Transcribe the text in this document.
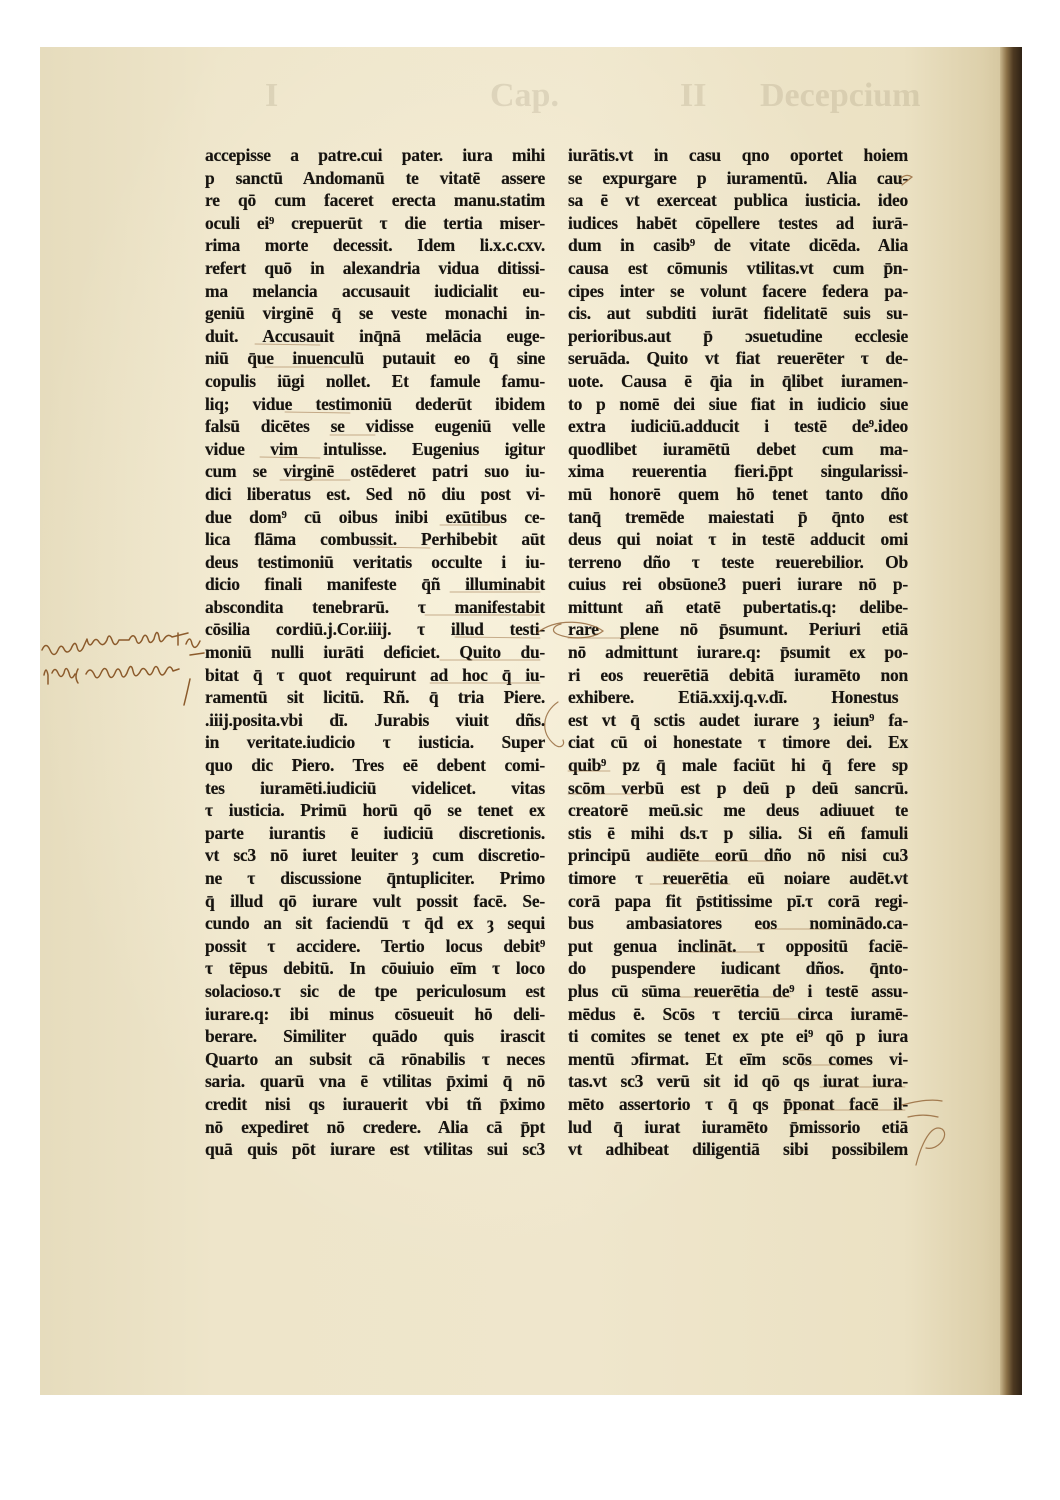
I	Cap.	II Decepcium
accepisse a patre.cui pater. iura mihi
p sanctū Andomanū te vitatē assere
re qō cum faceret erecta manu.statim
oculi ei⁹ crepuerūt τ die tertia miser-
rima morte decessit. Idem li.x.c.cxv.
refert quō in alexandria vidua ditissi-
ma melancia accusauit iudicialit eu-
geniū virginē q̄ se veste monachi in-
duit. Accusauit inq̄nā melācia euge-
niū q̄ue inuenculū putauit eo q̄ sine
copulis iūgi nollet. Et famule famu-
liq; vidue testimoniū dederūt ibidem
falsū dicētes se vidisse eugeniū velle
vidue vim intulisse. Eugenius igitur
cum se virginē ostēderet patri suo iu-
dici liberatus est. Sed nō diu post vi-
due dom⁹ cū oibus inibi exūtibus ce-
lica flāma combussit. Perhibebit aūt
deus testimoniū veritatis occulte i iu-
dicio finali manifeste q̄ñ illuminabit
abscondita tenebrarū. τ manifestabit
cōsilia cordiū.j.Cor.iiij. τ illud testi-
moniū nulli iurāti deficiet. Quito du-
bitat q̄ τ quot requirunt ad hoc q̄ iu-
ramentū sit licitū. Rñ. q̄ tria Piere.
.iiij.posita.vbi dī. Jurabis viuit dñs.
in veritate.iudicio τ iusticia. Super
quo dic Piero. Tres eē debent comi-
tes iuramēti.iudiciū videlicet. vitas
τ iusticia. Primū horū qō se tenet ex
parte iurantis ē iudiciū discretionis.
vt sc3 nō iuret leuiter ȝ cum discretio-
ne τ discussione q̄ntupliciter. Primo
q̄ illud qō iurare vult possit facē. Se-
cundo an sit faciendū τ q̄d ex ȝ sequi
possit τ accidere. Tertio locus debit⁹
τ tēpus debitū. In cōuiuio eīm τ loco
solacioso.τ sic de tpe periculosum est
iurare.q: ibi minus cōsueuit hō deli-
berare. Similiter quādo quis irascit
Quarto an subsit cā rōnabilis τ neces
saria. quarū vna ē vtilitas p̄ximi q̄ nō
credit nisi qs iurauerit vbi tñ p̄ximo
nō expediret nō credere. Alia cā p̄pt
quā quis pōt iurare est vtilitas sui sc3
iurātis.vt in casu qno oportet hoiem
se expurgare p iuramentū. Alia cau-
sa ē vt exerceat publica iusticia. ideo
iudices habēt cōpellere testes ad iurā-
dum in casib⁹ de vitate dicēda. Alia
causa est cōmunis vtilitas.vt cum p̄n-
cipes inter se volunt facere federa pa-
cis. aut subditi iurāt fidelitatē suis su-
perioribus.aut p̄ ɔsuetudine ecclesie
seruāda. Quito vt fiat reuerēter τ de-
uote. Causa ē q̄ia in q̄libet iuramen-
to p nomē dei siue fiat in iudicio siue
extra iudiciū.adducit i testē de⁹.ideo
quodlibet iuramētū debet cum ma-
xima reuerentia fieri.p̄pt singularissi-
mū honorē quem hō tenet tanto dño
tanq̄ tremēde maiestati p̄ q̄nto est
deus qui noiat τ in testē adducit omi
terreno dño τ teste reuerebilior. Ob
cuius rei obsūone3 pueri iurare nō p-
mittunt añ etatē pubertatis.q: delibe-
rare plene nō p̄sumunt. Periuri etiā
nō admittunt iurare.q: p̄sumit ex po-
ri eos reuerētiā debitā iuramēto non
exhibere. Etiā.xxij.q.v.dī. Honestus
est vt q̄ sctis audet iurare ȝ ieiun⁹ fa-
ciat cū oi honestate τ timore dei. Ex
quib⁹ pz q̄ male faciūt hi q̄ fere sp
scōm verbū est p deū p deū sancrū.
creatorē meū.sic me deus adiuuet te
stis ē mihi ds.τ p silia. Si eñ famuli
principū audiēte eorū dño nō nisi cu3
timore τ reuerētia eū noiare audēt.vt
corā papa fit p̄stitissime pī.τ corā regi-
bus ambasiatores eos nominādo.ca-
put genua inclināt. τ oppositū faciē-
do puspendere iudicant dños. q̄nto-
plus cū sūma reuerētia de⁹ i testē assu-
mēdus ē. Scōs τ terciū circa iuramē-
ti comites se tenet ex pte ei⁹ qō p iura
mentū ɔfirmat. Et eīm scōs comes vi-
tas.vt sc3 verū sit id qō qs iurat iura-
mēto assertorio τ q̄ qs p̄ponat facē il-
lud q̄ iurat iuramēto p̄missorio etiā
vt adhibeat diligentiā sibi possibilem
